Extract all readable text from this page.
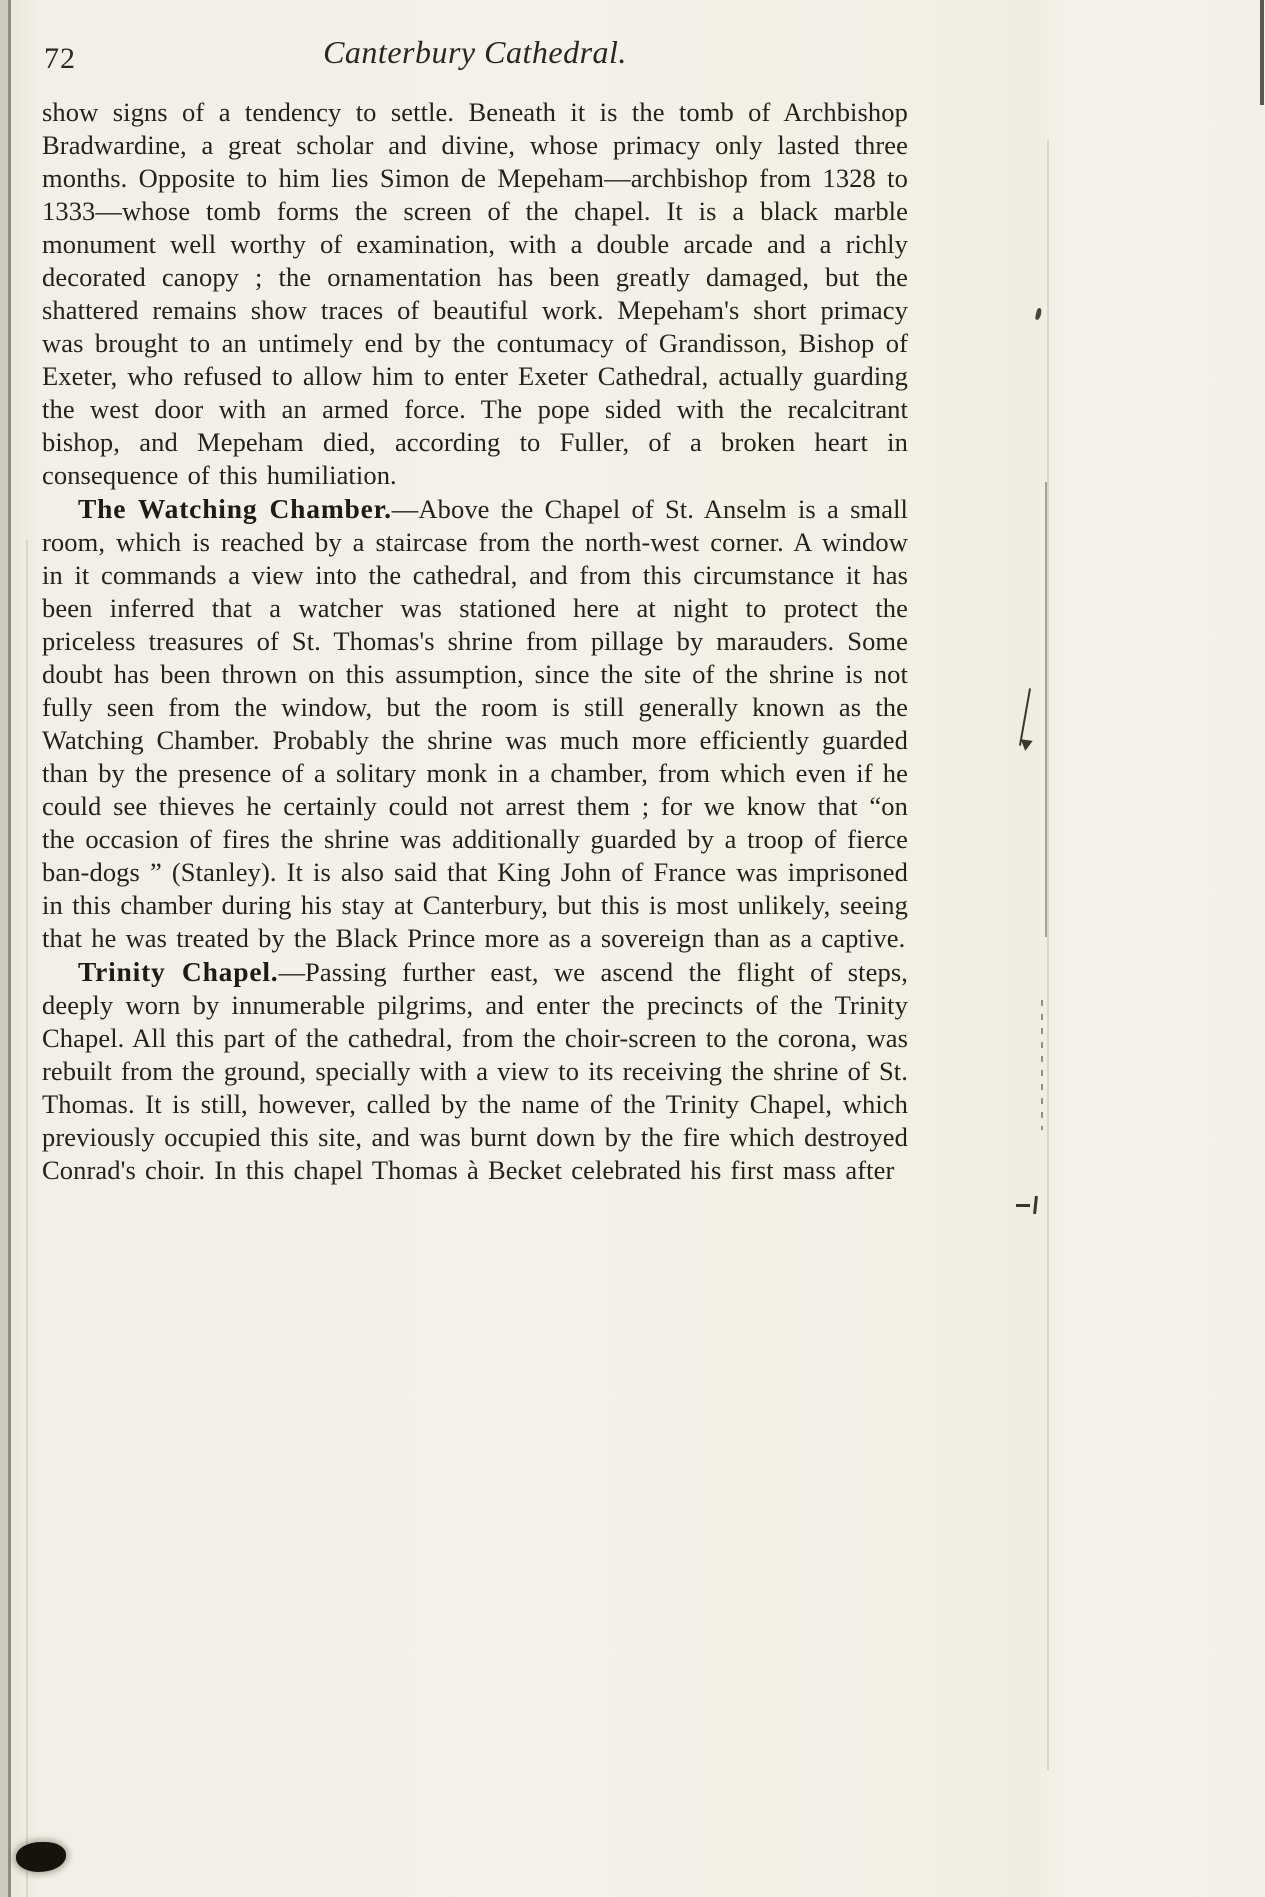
72	Canterbury Cathedral.

show signs of a tendency to settle. Beneath it is the tomb of Archbishop Bradwardine, a great scholar and divine, whose primacy only lasted three months. Opposite to him lies Simon de Mepeham—archbishop from 1328 to 1333—whose tomb forms the screen of the chapel. It is a black marble monument well worthy of examination, with a double arcade and a richly decorated canopy ; the ornamentation has been greatly damaged, but the shattered remains show traces of beautiful work. Mepeham's short primacy was brought to an untimely end by the contumacy of Grandisson, Bishop of Exeter, who refused to allow him to enter Exeter Cathedral, actually guarding the west door with an armed force. The pope sided with the recalcitrant bishop, and Mepeham died, according to Fuller, of a broken heart in consequence of this humiliation.

The Watching Chamber.—Above the Chapel of St. Anselm is a small room, which is reached by a staircase from the north-west corner. A window in it commands a view into the cathedral, and from this circumstance it has been inferred that a watcher was stationed here at night to protect the priceless treasures of St. Thomas's shrine from pillage by marauders. Some doubt has been thrown on this assumption, since the site of the shrine is not fully seen from the window, but the room is still generally known as the Watching Chamber. Probably the shrine was much more efficiently guarded than by the presence of a solitary monk in a chamber, from which even if he could see thieves he certainly could not arrest them ; for we know that “on the occasion of fires the shrine was additionally guarded by a troop of fierce ban-dogs ” (Stanley). It is also said that King John of France was imprisoned in this chamber during his stay at Canterbury, but this is most unlikely, seeing that he was treated by the Black Prince more as a sovereign than as a captive.

Trinity Chapel.—Passing further east, we ascend the flight of steps, deeply worn by innumerable pilgrims, and enter the precincts of the Trinity Chapel. All this part of the cathedral, from the choir-screen to the corona, was rebuilt from the ground, specially with a view to its receiving the shrine of St. Thomas. It is still, however, called by the name of the Trinity Chapel, which previously occupied this site, and was burnt down by the fire which destroyed Conrad's choir. In this chapel Thomas à Becket celebrated his first mass after
